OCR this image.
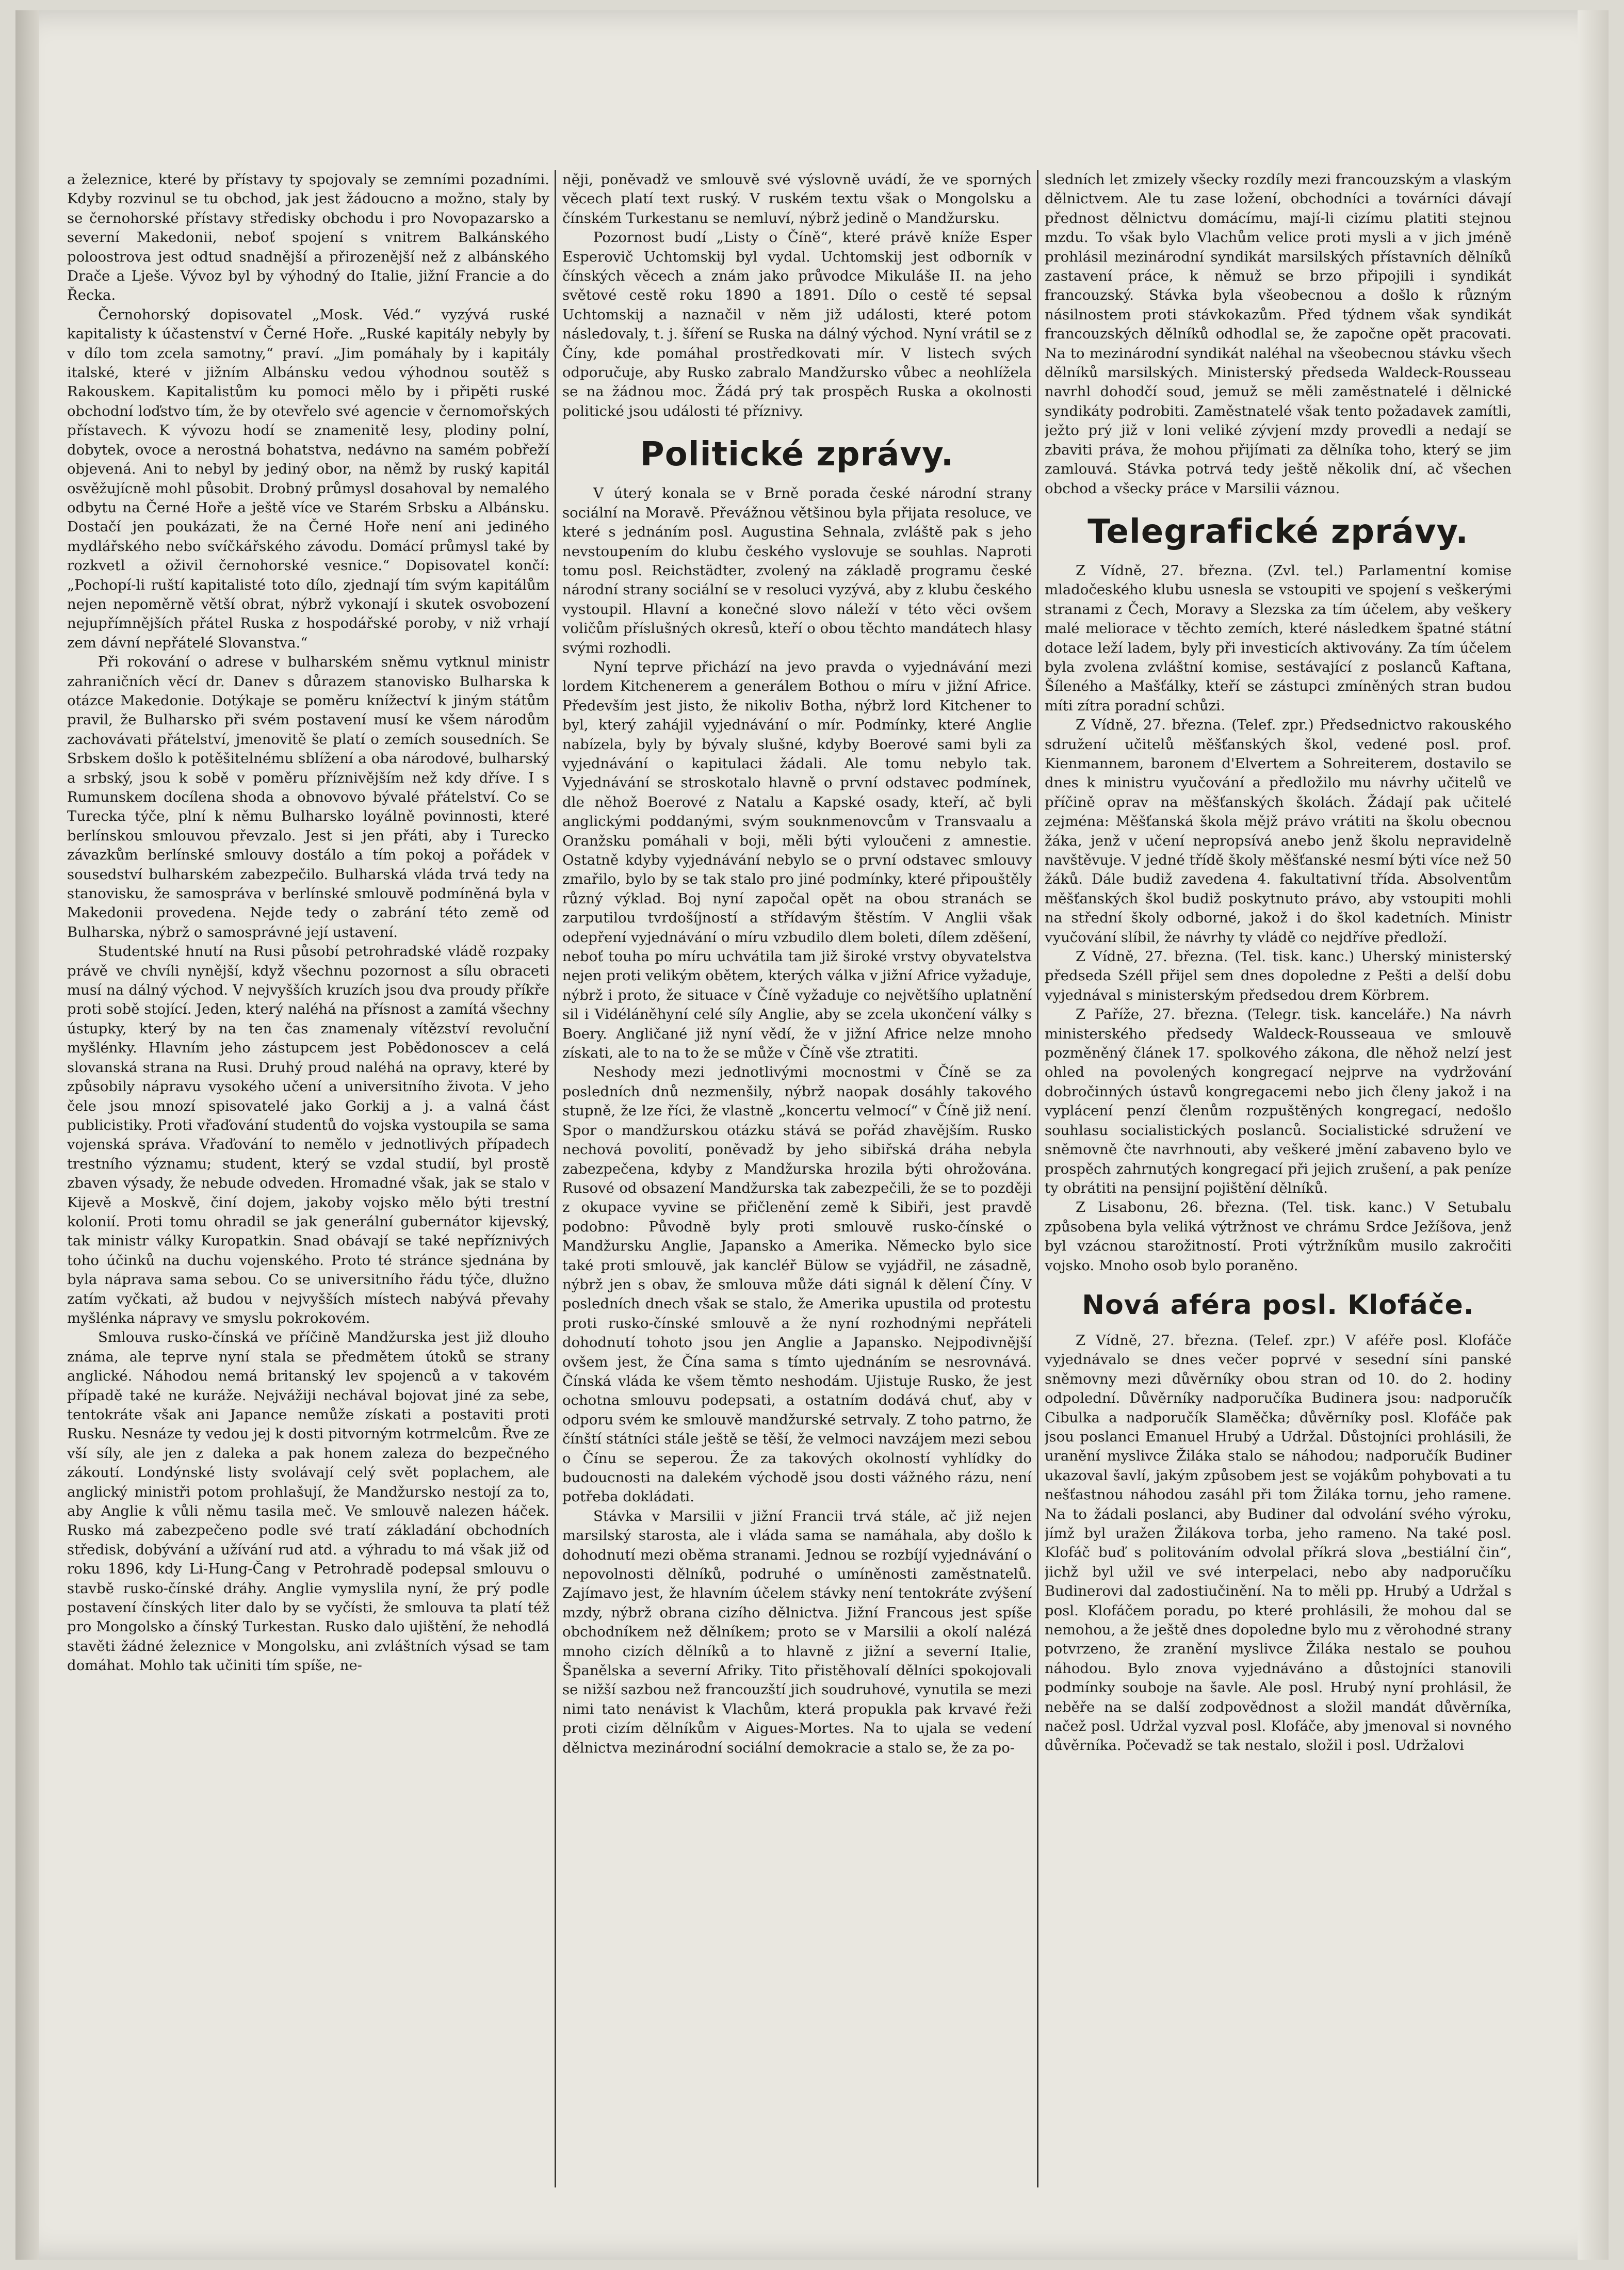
a železnice, které by přístavy ty spojovaly se zemními pozadními. Kdyby rozvinul se tu obchod, jak jest žádoucno a možno, staly by se černohorské přístavy středisky obchodu i pro Novopazarsko a severní Makedonii, neboť spojení s vnitrem Balkánského poloostrova jest odtud snadnější a přirozenější než z albánského Drače a Lješe. Vývoz byl by výhodný do Italie, jižní Francie a do Řecka.

Černohorský dopisovatel „Mosk. Véd.“ vyzývá ruské kapitalisty k účastenství v Černé Hoře. „Ruské kapitály nebyly by v dílo tom zcela samotny,“ praví. „Jim pomáhaly by i kapitály italské, které v jižním Albánsku vedou výhodnou soutěž s Rakouskem. Kapitalistům ku pomoci mělo by i připěti ruské obchodní loďstvo tím, že by otevřelo své agencie v černomořských přístavech. K vývozu hodí se znamenitě lesy, plodiny polní, dobytek, ovoce a nerostná bohatstva, nedávno na samém pobřeží objevená. Ani to nebyl by jediný obor, na němž by ruský kapitál osvěžujícně mohl působit. Drobný průmysl dosahoval by nemalého odbytu na Černé Hoře a ještě více ve Starém Srbsku a Albánsku. Dostačí jen poukázati, že na Černé Hoře není ani jediného mydlářského nebo svíčkářského závodu. Domácí průmysl také by rozkvetl a oživil černohorské vesnice.“ Dopisovatel končí: „Pochopí-li ruští kapitalisté toto dílo, zjednají tím svým kapitálům nejen nepoměrně větší obrat, nýbrž vykonají i skutek osvobození nejupřímnějších přátel Ruska z hospodářské poroby, v niž vrhají zem dávní nepřátelé Slovanstva.“

Při rokování o adrese v bulharském sněmu vytknul ministr zahraničních věcí dr. Danev s důrazem stanovisko Bulharska k otázce Makedonie. Dotýkaje se poměru knížectví k jiným státům pravil, že Bulharsko při svém postavení musí ke všem národům zachovávati přátelství, jmenovitě še platí o zemích sousedních. Se Srbskem došlo k potěšitelnému sblížení a oba národové, bulharský a srbský, jsou k sobě v poměru příznivějším než kdy dříve. I s Rumunskem docílena shoda a obnovovo bývalé přátelství. Co se Turecka týče, plní k němu Bulharsko loyálně povinnosti, které berlínskou smlouvou převzalo. Jest si jen přáti, aby i Turecko závazkům berlínské smlouvy dostálo a tím pokoj a pořádek v sousedství bulharském zabezpečilo. Bulharská vláda trvá tedy na stanovisku, že samospráva v berlínské smlouvě podmíněná byla v Makedonii provedena. Nejde tedy o zabrání této země od Bulharska, nýbrž o samosprávné její ustavení.

Studentské hnutí na Rusi působí petrohradské vládě rozpaky právě ve chvíli nynější, když všechnu pozornost a sílu obraceti musí na dálný východ. V nejvyšších kruzích jsou dva proudy příkře proti sobě stojící. Jeden, který naléhá na přísnost a zamítá všechny ústupky, který by na ten čas znamenaly vítězství revoluční myšlénky. Hlavním jeho zástupcem jest Pobědonoscev a celá slovanská strana na Rusi. Druhý proud naléhá na opravy, které by způsobily nápravu vysokého učení a universitního života. V jeho čele jsou mnozí spisovatelé jako Gorkij a j. a valná část publicistiky. Proti vřaďování studentů do vojska vystoupila se sama vojenská správa. Vřaďování to nemělo v jednotlivých případech trestního významu; student, který se vzdal studií, byl prostě zbaven výsady, že nebude odveden. Hromadné však, jak se stalo v Kijevě a Moskvě, činí dojem, jakoby vojsko mělo býti trestní kolonií. Proti tomu ohradil se jak generální gubernátor kijevský, tak ministr války Kuropatkin. Snad obávají se také nepříznivých toho účinků na duchu vojenského. Proto té stránce sjednána by byla náprava sama sebou. Co se universitního řádu týče, dlužno zatím vyčkati, až budou v nejvyšších místech nabývá převahy myšlénka nápravy ve smyslu pokrokovém.

Smlouva rusko-čínská ve příčině Mandžurska jest již dlouho známa, ale teprve nyní stala se předmětem útoků se strany anglické. Náhodou nemá britanský lev spojenců a v takovém případě také ne kuráže. Nejvážiji nechával bojovat jiné za sebe, tentokráte však ani Japance nemůže získati a postaviti proti Rusku. Nesnáze ty vedou jej k dosti pitvorným kotrmelcům. Řve ze vší síly, ale jen z daleka a pak honem zaleza do bezpečného zákoutí. Londýnské listy svolávají celý svět poplachem, ale anglický ministři potom prohlašují, že Mandžursko nestojí za to, aby Anglie k vůli němu tasila meč. Ve smlouvě nalezen háček. Rusko má zabezpečeno podle své tratí základání obchodních středisk, dobývání a užívání rud atd. a výhradu to má však již od roku 1896, kdy Li-Hung-Čang v Petrohradě podepsal smlouvu o stavbě rusko-čínské dráhy. Anglie vymyslila nyní, že prý podle postavení čínských liter dalo by se vyčísti, že smlouva ta platí též pro Mongolsko a čínský Turkestan. Rusko dalo ujištění, že nehodlá stavěti žádné železnice v Mongolsku, ani zvláštních výsad se tam domáhat. Mohlo tak učiniti tím spíše, ne-

něji, poněvadž ve smlouvě své výslovně uvádí, že ve sporných věcech platí text ruský. V ruském textu však o Mongolsku a čínském Turkestanu se nemluví, nýbrž jedině o Mandžursku.

Pozornost budí „Listy o Číně“, které právě kníže Esper Esperovič Uchtomskij byl vydal. Uchtomskij jest odborník v čínských věcech a znám jako průvodce Mikuláše II. na jeho světové cestě roku 1890 a 1891. Dílo o cestě té sepsal Uchtomskij a naznačil v něm již události, které potom následovaly, t. j. šíření se Ruska na dálný východ. Nyní vrátil se z Číny, kde pomáhal prostředkovati mír. V listech svých odporučuje, aby Rusko zabralo Mandžursko vůbec a neohlížela se na žádnou moc. Žádá prý tak prospěch Ruska a okolnosti politické jsou události té příznivy.

Politické zprávy.

V úterý konala se v Brně porada české národní strany sociální na Moravě. Převážnou většinou byla přijata resoluce, ve které s jednáním posl. Augustina Sehnala, zvláště pak s jeho nevstoupením do klubu českého vyslovuje se souhlas. Naproti tomu posl. Reichstädter, zvolený na základě programu české národní strany sociální se v resoluci vyzývá, aby z klubu českého vystoupil. Hlavní a konečné slovo náleží v této věci ovšem voličům příslušných okresů, kteří o obou těchto mandátech hlasy svými rozhodli.

Nyní teprve přichází na jevo pravda o vyjednávání mezi lordem Kitchenerem a generálem Bothou o míru v jižní Africe. Především jest jisto, že nikoliv Botha, nýbrž lord Kitchener to byl, který zahájil vyjednávání o mír. Podmínky, které Anglie nabízela, byly by bývaly slušné, kdyby Boerové sami byli za vyjednávání o kapitulaci žádali. Ale tomu nebylo tak. Vyjednávání se stroskotalo hlavně o první odstavec podmínek, dle něhož Boerové z Natalu a Kapské osady, kteří, ač byli anglickými poddanými, svým souknmenovcům v Transvaalu a Oranžsku pomáhali v boji, měli býti vyloučeni z amnestie. Ostatně kdyby vyjednávání nebylo se o první odstavec smlouvy zmařilo, bylo by se tak stalo pro jiné podmínky, které připouštěly různý výklad. Boj nyní započal opět na obou stranách se zarputilou tvrdošíjností a střídavým štěstím. V Anglii však odepření vyjednávání o míru vzbudilo dlem boleti, dílem zděšení, neboť touha po míru uchvátila tam již široké vrstvy obyvatelstva nejen proti velikým obětem, kterých válka v jižní Africe vyžaduje, nýbrž i proto, že situace v Číně vyžaduje co největšího uplatnění sil i Vidéláněhyní celé síly Anglie, aby se zcela ukončení války s Boery. Angličané již nyní vědí, že v jižní Africe nelze mnoho získati, ale to na to že se může v Číně vše ztratiti.

Neshody mezi jednotlivými mocnostmi v Číně se za posledních dnů nezmenšily, nýbrž naopak dosáhly takového stupně, že lze říci, že vlastně „koncertu velmocí“ v Číně již není. Spor o mandžurskou otázku stává se pořád zhavějším. Rusko nechová povolití, poněvadž by jeho sibiřská dráha nebyla zabezpečena, kdyby z Mandžurska hrozila býti ohrožována. Rusové od obsazení Mandžurska tak zabezpečili, že se to později z okupace vyvine se přičlenění země k Sibiři, jest pravdě podobno: Původně byly proti smlouvě rusko-čínské o Mandžursku Anglie, Japansko a Amerika. Německo bylo sice také proti smlouvě, jak kancléř Bülow se vyjádřil, ne zásadně, nýbrž jen s obav, že smlouva může dáti signál k dělení Číny. V posledních dnech však se stalo, že Amerika upustila od protestu proti rusko-čínské smlouvě a že nyní rozhodnými nepřáteli dohodnutí tohoto jsou jen Anglie a Japansko. Nejpodivnější ovšem jest, že Čína sama s tímto ujednáním se nesrovnává. Čínská vláda ke všem těmto neshodám. Ujistuje Rusko, že jest ochotna smlouvu podepsati, a ostatním dodává chuť, aby v odporu svém ke smlouvě mandžurské setrvaly. Z toho patrno, že čínští státníci stále ještě se těší, že velmoci navzájem mezi sebou o Čínu se seperou. Že za takových okolností vyhlídky do budoucnosti na dalekém východě jsou dosti vážného rázu, není potřeba dokládati.

Stávka v Marsilii v jižní Francii trvá stále, ač již nejen marsilský starosta, ale i vláda sama se namáhala, aby došlo k dohodnutí mezi oběma stranami. Jednou se rozbíjí vyjednávání o nepovolnosti dělníků, podruhé o umíněnosti zaměstnatelů. Zajímavo jest, že hlavním účelem stávky není tentokráte zvýšení mzdy, nýbrž obrana cizího dělnictva. Jižní Francous jest spíše obchodníkem než dělníkem; proto se v Marsilii a okolí nalézá mnoho cizích dělníků a to hlavně z jižní a severní Italie, Španělska a severní Afriky. Tito přistěhovalí dělníci spokojovali se nižší sazbou než francouzští jich soudruhové, vynutila se mezi nimi tato nenávist k Vlachům, která propukla pak krvavé řeži proti cizím dělníkům v Aigues-Mortes. Na to ujala se vedení dělnictva mezinárodní sociální demokracie a stalo se, že za po-

sledních let zmizely všecky rozdíly mezi francouzským a vlaským dělnictvem. Ale tu zase ložení, obchodníci a továrníci dávají přednost dělnictvu domácímu, mají-li cizímu platiti stejnou mzdu. To však bylo Vlachům velice proti mysli a v jich jméně prohlásil mezinárodní syndikát marsilských přístavních dělníků zastavení práce, k němuž se brzo připojili i syndikát francouzský. Stávka byla všeobecnou a došlo k různým násilnostem proti stávkokazům. Před týdnem však syndikát francouzských dělníků odhodlal se, že započne opět pracovati. Na to mezinárodní syndikát naléhal na všeobecnou stávku všech dělníků marsilských. Ministerský předseda Waldeck-Rousseau navrhl dohodčí soud, jemuž se měli zaměstnatelé i dělnické syndikáty podrobiti. Zaměstnatelé však tento požadavek zamítli, ježto prý již v loni veliké zývjení mzdy provedli a nedají se zbaviti práva, že mohou přijímati za dělníka toho, který se jim zamlouvá. Stávka potrvá tedy ještě několik dní, ač všechen obchod a všecky práce v Marsilii váznou.

Telegrafické zprávy.

Z Vídně, 27. března. (Zvl. tel.) Parlamentní komise mladočeského klubu usnesla se vstoupiti ve spojení s veškerými stranami z Čech, Moravy a Slezska za tím účelem, aby veškery malé meliorace v těchto zemích, které následkem špatné státní dotace leží ladem, byly při investicích aktivovány. Za tím účelem byla zvolena zvláštní komise, sestávající z poslanců Kaftana, Šíleného a Mašťálky, kteří se zástupci zmíněných stran budou míti zítra poradní schůzi.

Z Vídně, 27. března. (Telef. zpr.) Předsednictvo rakouského sdružení učitelů měšťanských škol, vedené posl. prof. Kienmannem, baronem d'Elvertem a Sohreiterem, dostavilo se dnes k ministru vyučování a předložilo mu návrhy učitelů ve příčině oprav na měšťanských školách. Žádají pak učitelé zejména: Měšťanská škola mějž právo vrátiti na školu obecnou žáka, jenž v učení nepropsívá anebo jenž školu nepravidelně navštěvuje. V jedné třídě školy měšťanské nesmí býti více než 50 žáků. Dále budiž zavedena 4. fakultativní třída. Absolventům měšťanských škol budiž poskytnuto právo, aby vstoupiti mohli na střední školy odborné, jakož i do škol kadetních. Ministr vyučování slíbil, že návrhy ty vládě co nejdříve předloží.

Z Vídně, 27. března. (Tel. tisk. kanc.) Uherský ministerský předseda Széll přijel sem dnes dopoledne z Pešti a delší dobu vyjednával s ministerským předsedou drem Körbrem.

Z Paříže, 27. března. (Telegr. tisk. kanceláře.) Na návrh ministerského předsedy Waldeck-Rousseaua ve smlouvě pozměněný článek 17. spolkového zákona, dle něhož nelzí jest ohled na povolených kongregací nejprve na vydržování dobročinných ústavů kongregacemi nebo jich členy jakož i na vyplácení penzí členům rozpuštěných kongregací, nedošlo souhlasu socialistických poslanců. Socialistické sdružení ve sněmovně čte navrhnouti, aby veškeré jmění zabaveno bylo ve prospěch zahrnutých kongregací při jejich zrušení, a pak peníze ty obrátiti na pensijní pojištění dělníků.

Z Lisabonu, 26. března. (Tel. tisk. kanc.) V Setubalu způsobena byla veliká výtržnost ve chrámu Srdce Ježíšova, jenž byl vzácnou starožitností. Proti výtržníkům musilo zakročiti vojsko. Mnoho osob bylo poraněno.

Nová aféra posl. Klofáče.

Z Vídně, 27. března. (Telef. zpr.) V aféře posl. Klofáče vyjednávalo se dnes večer poprvé v sesední síni panské sněmovny mezi důvěrníky obou stran od 10. do 2. hodiny odpolední. Důvěrníky nadporučíka Budinera jsou: nadporučík Cibulka a nadporučík Slaměčka; důvěrníky posl. Klofáče pak jsou poslanci Emanuel Hrubý a Udržal. Důstojníci prohlásili, že uranění myslivce Žiláka stalo se náhodou; nadporučík Budiner ukazoval šavlí, jakým způsobem jest se vojákům pohybovati a tu nešťastnou náhodou zasáhl při tom Žiláka tornu, jeho ramene. Na to žádali poslanci, aby Budiner dal odvolání svého výroku, jímž byl uražen Žilákova torba, jeho rameno. Na také posl. Klofáč buď s politováním odvolal příkrá slova „bestiální čin“, jichž byl užil ve své interpelaci, nebo aby nadporučíku Budinerovi dal zadostiučinění. Na to měli pp. Hrubý a Udržal s posl. Klofáčem poradu, po které prohlásili, že mohou dal se nemohou, a že ještě dnes dopoledne bylo mu z věrohodné strany potvrzeno, že zranění myslivce Žiláka nestalo se pouhou náhodou. Bylo znova vyjednáváno a důstojníci stanovili podmínky souboje na šavle. Ale posl. Hrubý nyní prohlásil, že neběře na se další zodpovědnost a složil mandát důvěrníka, načež posl. Udržal vyzval posl. Klofáče, aby jmenoval si novného důvěrníka. Počevadž se tak nestalo, složil i posl. Udržalovi
